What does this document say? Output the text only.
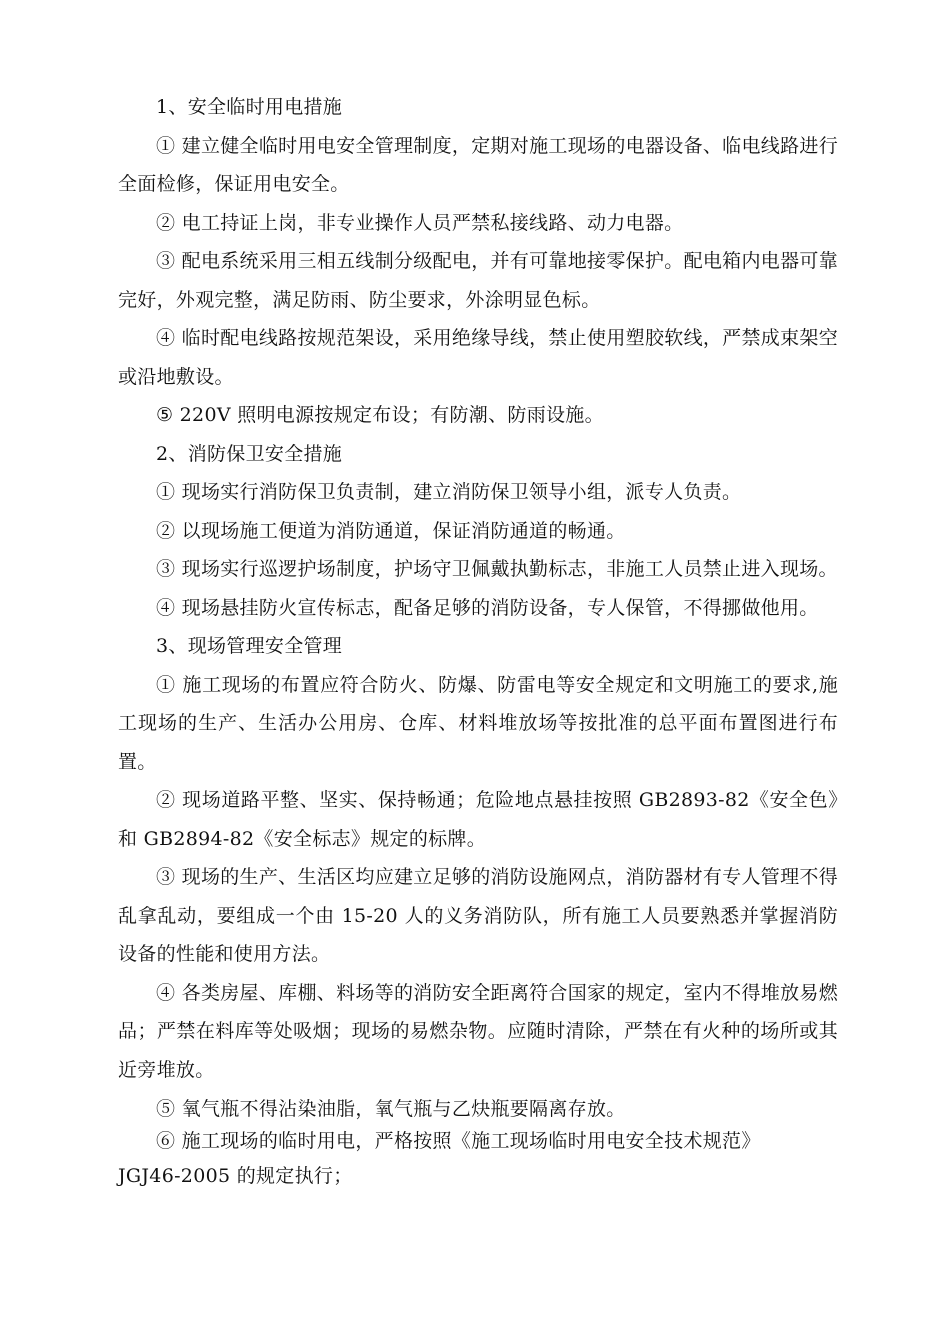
1、安全临时用电措施

① 建立健全临时用电安全管理制度，定期对施工现场的电器设备、临电线路进行全面检修，保证用电安全。

② 电工持证上岗，非专业操作人员严禁私接线路、动力电器。

③ 配电系统采用三相五线制分级配电，并有可靠地接零保护。配电箱内电器可靠完好，外观完整，满足防雨、防尘要求，外涂明显色标。

④ 临时配电线路按规范架设，采用绝缘导线，禁止使用塑胶软线，严禁成束架空或沿地敷设。

⑤ 220V 照明电源按规定布设；有防潮、防雨设施。

2、消防保卫安全措施

① 现场实行消防保卫负责制，建立消防保卫领导小组，派专人负责。

② 以现场施工便道为消防通道，保证消防通道的畅通。

③ 现场实行巡逻护场制度，护场守卫佩戴执勤标志，非施工人员禁止进入现场。

④ 现场悬挂防火宣传标志，配备足够的消防设备，专人保管，不得挪做他用。

3、现场管理安全管理

① 施工现场的布置应符合防火、防爆、防雷电等安全规定和文明施工的要求,施工现场的生产、生活办公用房、仓库、材料堆放场等按批准的总平面布置图进行布置。

② 现场道路平整、坚实、保持畅通；危险地点悬挂按照 GB2893-82《安全色》和 GB2894-82《安全标志》规定的标牌。

③ 现场的生产、生活区均应建立足够的消防设施网点，消防器材有专人管理不得乱拿乱动，要组成一个由 15-20 人的义务消防队，所有施工人员要熟悉并掌握消防设备的性能和使用方法。

④ 各类房屋、库棚、料场等的消防安全距离符合国家的规定，室内不得堆放易燃品；严禁在料库等处吸烟；现场的易燃杂物。应随时清除，严禁在有火种的场所或其近旁堆放。

⑤ 氧气瓶不得沾染油脂，氧气瓶与乙炔瓶要隔离存放。

⑥ 施工现场的临时用电，严格按照《施工现场临时用电安全技术规范》

JGJ46-2005 的规定执行；
